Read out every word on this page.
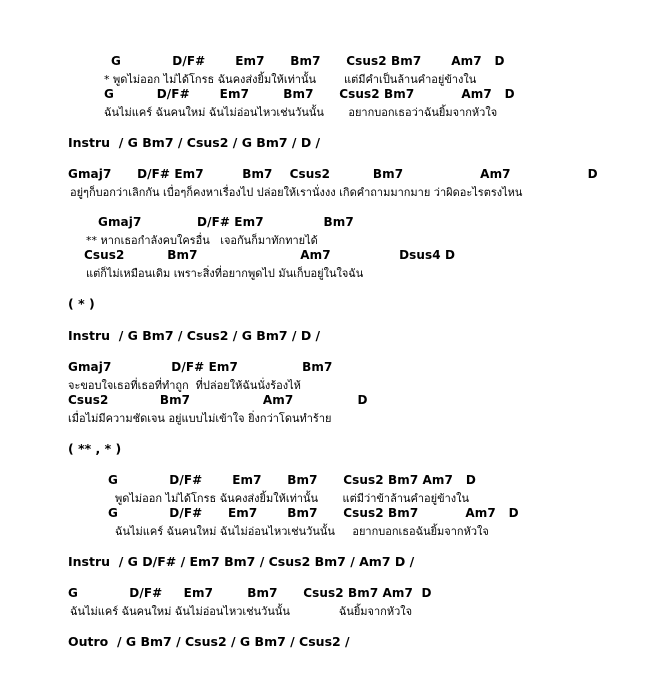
G            D/F#       Em7      Bm7      Csus2 Bm7       Am7   D
* พูดไม่ออก ไม่ได้โกรธ ฉันคงส่งยิ้มให้เท่านั้น        แต่มีคำเป็นล้านคำอยู่ข้างใน
G          D/F#       Em7        Bm7      Csus2 Bm7           Am7   D
ฉันไม่แคร์ ฉันคนใหม่ ฉันไม่อ่อนไหวเช่นวันนั้น       อยากบอกเธอว่าฉันยิ้มจากหัวใจ
Instru  / G Bm7 / Csus2 / G Bm7 / D /
Gmaj7      D/F# Em7         Bm7    Csus2          Bm7                  Am7                  D
อยู่ๆก็บอกว่าเลิกกัน เบื่อๆก็คงหาเรื่องไป ปล่อยให้เรานั่งงง เกิดคำถามมากมาย ว่าผิดอะไรตรงไหน
Gmaj7             D/F# Em7              Bm7
** หากเธอกำลังคบใครอื่น   เจอกันก็มาทักทายได้
Csus2          Bm7                        Am7                Dsus4 D
แต่ก็ไม่เหมือนเดิม เพราะสิ่งที่อยากพูดไป มันเก็บอยู่ในใจฉัน
( * )
Instru  / G Bm7 / Csus2 / G Bm7 / D /
Gmaj7              D/F# Em7               Bm7
จะขอบใจเธอที่เธอที่ทำถูก  ที่ปล่อยให้ฉันนั่งร้องไห้
Csus2            Bm7                 Am7               D
เมื่อไม่มีความชัดเจน อยู่แบบไม่เข้าใจ ยิ่งกว่าโดนทำร้าย
( ** , * )
G            D/F#       Em7      Bm7      Csus2 Bm7 Am7   D
พูดไม่ออก ไม่ได้โกรธ ฉันคงส่งยิ้มให้เท่านั้น       แต่มีว่าข้าล้านคำอยู่ข้างใน
G            D/F#      Em7       Bm7      Csus2 Bm7           Am7   D
ฉันไม่แคร์ ฉันคนใหม่ ฉันไม่อ่อนไหวเช่นวันนั้น     อยากบอกเธอฉันยิ้มจากหัวใจ
Instru  / G D/F# / Em7 Bm7 / Csus2 Bm7 / Am7 D /
G            D/F#     Em7        Bm7      Csus2 Bm7 Am7  D
ฉันไม่แคร์ ฉันคนใหม่ ฉันไม่อ่อนไหวเช่นวันนั้น              ฉันยิ้มจากหัวใจ
Outro  / G Bm7 / Csus2 / G Bm7 / Csus2 /
